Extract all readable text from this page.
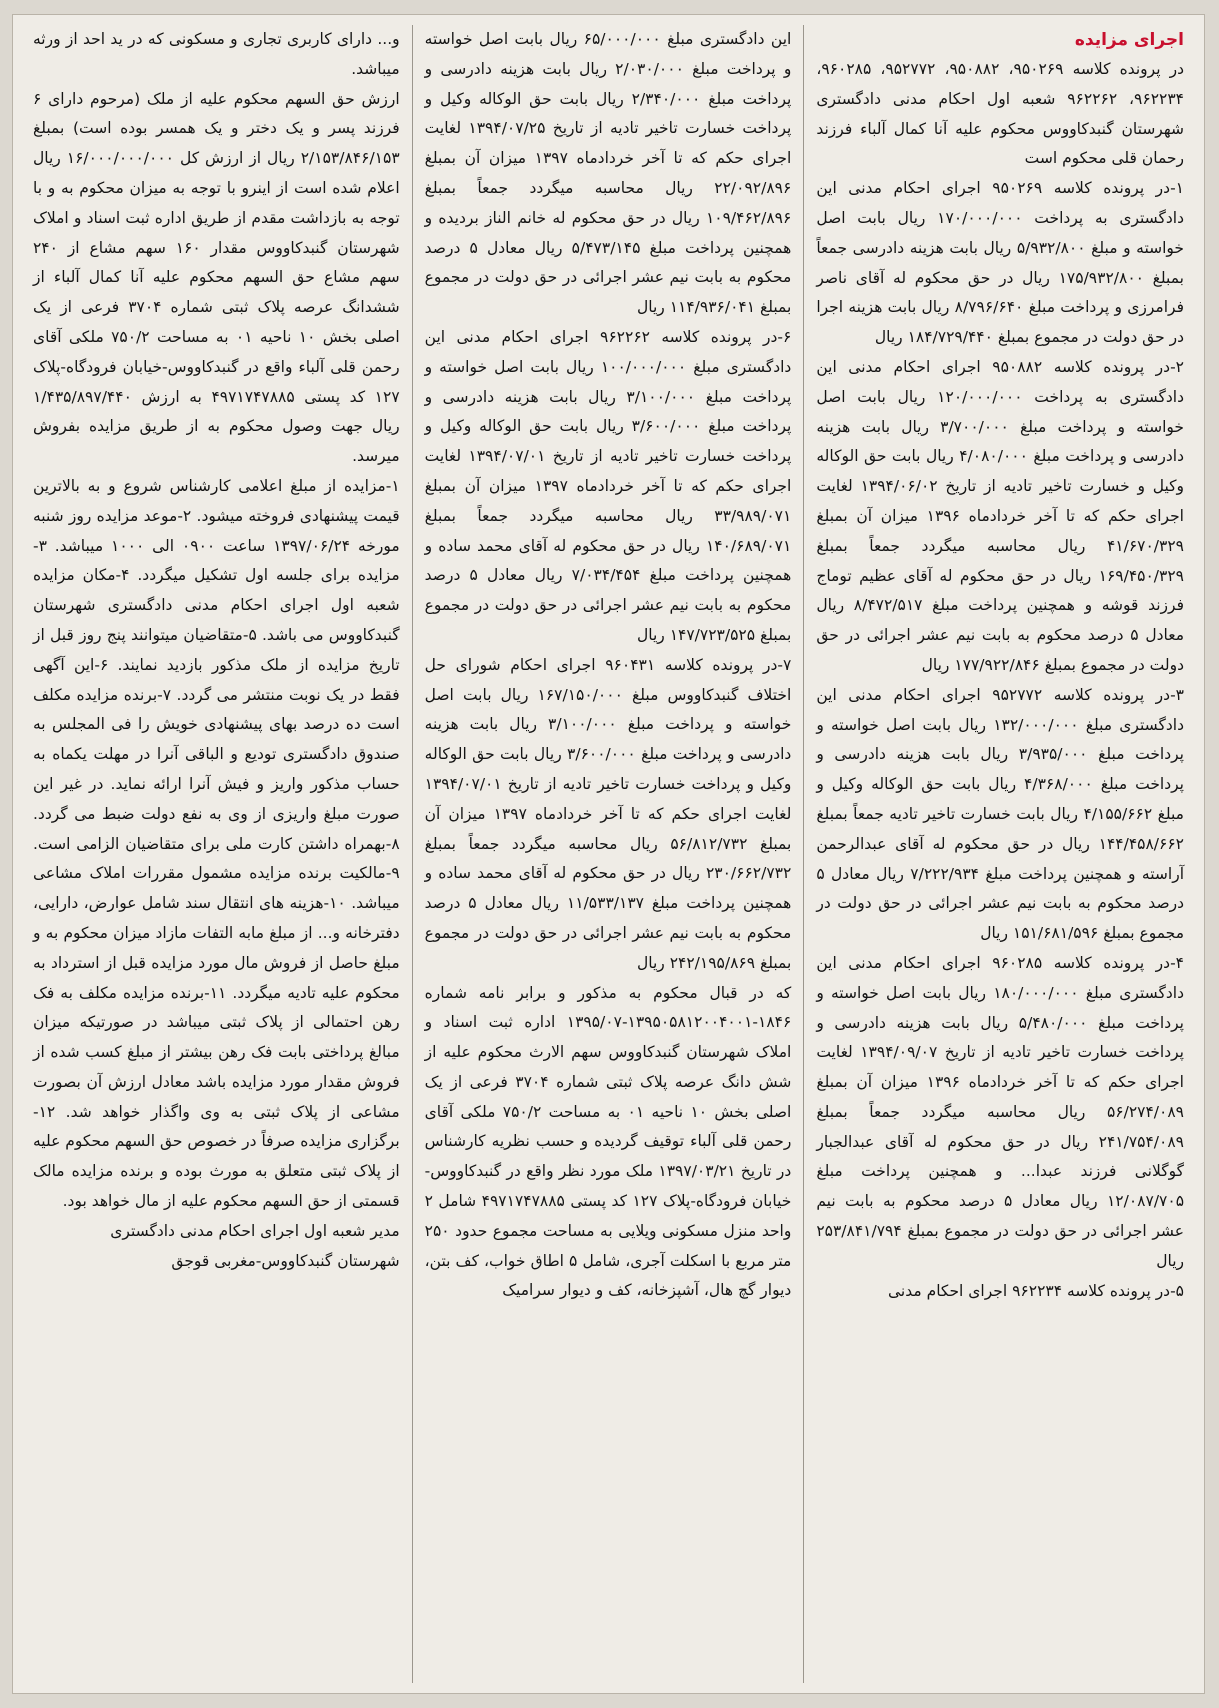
اجرای مزایده

در پرونده کلاسه ۹۵۰۲۶۹، ۹۵۰۸۸۲، ۹۵۲۷۷۲، ۹۶۰۲۸۵، ۹۶۲۲۳۴، ۹۶۲۲۶۲ شعبه اول احکام مدنی دادگستری شهرستان گنبدکاووس محکوم علیه آنا کمال آلباء فرزند رحمان قلی محکوم است

۱-در پرونده کلاسه ۹۵۰۲۶۹ اجرای احکام مدنی این دادگستری به پرداخت ۱۷۰/۰۰۰/۰۰۰ ریال بابت اصل خواسته و مبلغ ۵/۹۳۲/۸۰۰ ریال بابت هزینه دادرسی جمعاً بمبلغ ۱۷۵/۹۳۲/۸۰۰ ریال در حق محکوم له آقای ناصر فرامرزی و پرداخت مبلغ ۸/۷۹۶/۶۴۰ ریال بابت هزینه اجرا در حق دولت در مجموع بمبلغ ۱۸۴/۷۲۹/۴۴۰ ریال

۲-در پرونده کلاسه ۹۵۰۸۸۲ اجرای احکام مدنی این دادگستری به پرداخت ۱۲۰/۰۰۰/۰۰۰ ریال بابت اصل خواسته و پرداخت مبلغ ۳/۷۰۰/۰۰۰ ریال بابت هزینه دادرسی و پرداخت مبلغ ۴/۰۸۰/۰۰۰ ریال بابت حق الوکاله وکیل و خسارت تاخیر تادیه از تاریخ ۱۳۹۴/۰۶/۰۲ لغایت اجرای حکم که تا آخر خردادماه ۱۳۹۶ میزان آن بمبلغ ۴۱/۶۷۰/۳۲۹ ریال محاسبه میگردد جمعاً بمبلغ ۱۶۹/۴۵۰/۳۲۹ ریال در حق محکوم له آقای عظیم توماج فرزند قوشه و همچنین پرداخت مبلغ ۸/۴۷۲/۵۱۷ ریال معادل ۵ درصد محکوم به بابت نیم عشر اجرائی در حق دولت در مجموع بمبلغ ۱۷۷/۹۲۲/۸۴۶ ریال

۳-در پرونده کلاسه ۹۵۲۷۷۲ اجرای احکام مدنی این دادگستری مبلغ ۱۳۲/۰۰۰/۰۰۰ ریال بابت اصل خواسته و پرداخت مبلغ ۳/۹۳۵/۰۰۰ ریال بابت هزینه دادرسی و پرداخت مبلغ ۴/۳۶۸/۰۰۰ ریال بابت حق الوکاله وکیل و مبلغ ۴/۱۵۵/۶۶۲ ریال بابت خسارت تاخیر تادیه جمعاً بمبلغ ۱۴۴/۴۵۸/۶۶۲ ریال در حق محکوم له آقای عبدالرحمن آراسته و همچنین پرداخت مبلغ ۷/۲۲۲/۹۳۴ ریال معادل ۵ درصد محکوم به بابت نیم عشر اجرائی در حق دولت در مجموع بمبلغ ۱۵۱/۶۸۱/۵۹۶ ریال

۴-در پرونده کلاسه ۹۶۰۲۸۵ اجرای احکام مدنی این دادگستری مبلغ ۱۸۰/۰۰۰/۰۰۰ ریال بابت اصل خواسته و پرداخت مبلغ ۵/۴۸۰/۰۰۰ ریال بابت هزینه دادرسی و پرداخت خسارت تاخیر تادیه از تاریخ ۱۳۹۴/۰۹/۰۷ لغایت اجرای حکم که تا آخر خردادماه ۱۳۹۶ میزان آن بمبلغ ۵۶/۲۷۴/۰۸۹ ریال محاسبه میگردد جمعاً بمبلغ ۲۴۱/۷۵۴/۰۸۹ ریال در حق محکوم له آقای عبدالجبار گوگلانی فرزند عبدا... و همچنین پرداخت مبلغ ۱۲/۰۸۷/۷۰۵ ریال معادل ۵ درصد محکوم به بابت نیم عشر اجرائی در حق دولت در مجموع بمبلغ ۲۵۳/۸۴۱/۷۹۴ ریال

۵-در پرونده کلاسه ۹۶۲۲۳۴ اجرای احکام مدنی

این دادگستری مبلغ ۶۵/۰۰۰/۰۰۰ ریال بابت اصل خواسته و پرداخت مبلغ ۲/۰۳۰/۰۰۰ ریال بابت هزینه دادرسی و پرداخت مبلغ ۲/۳۴۰/۰۰۰ ریال بابت حق الوکاله وکیل و پرداخت خسارت تاخیر تادیه از تاریخ ۱۳۹۴/۰۷/۲۵ لغایت اجرای حکم که تا آخر خردادماه ۱۳۹۷ میزان آن بمبلغ ۲۲/۰۹۲/۸۹۶ ریال محاسبه میگردد جمعاً بمبلغ ۱۰۹/۴۶۲/۸۹۶ ریال در حق محکوم له خانم الناز بردیده و همچنین پرداخت مبلغ ۵/۴۷۳/۱۴۵ ریال معادل ۵ درصد محکوم به بابت نیم عشر اجرائی در حق دولت در مجموع بمبلغ ۱۱۴/۹۳۶/۰۴۱ ریال

۶-در پرونده کلاسه ۹۶۲۲۶۲ اجرای احکام مدنی این دادگستری مبلغ ۱۰۰/۰۰۰/۰۰۰ ریال بابت اصل خواسته و پرداخت مبلغ ۳/۱۰۰/۰۰۰ ریال بابت هزینه دادرسی و پرداخت مبلغ ۳/۶۰۰/۰۰۰ ریال بابت حق الوکاله وکیل و پرداخت خسارت تاخیر تادیه از تاریخ ۱۳۹۴/۰۷/۰۱ لغایت اجرای حکم که تا آخر خردادماه ۱۳۹۷ میزان آن بمبلغ ۳۳/۹۸۹/۰۷۱ ریال محاسبه میگردد جمعاً بمبلغ ۱۴۰/۶۸۹/۰۷۱ ریال در حق محکوم له آقای محمد ساده و همچنین پرداخت مبلغ ۷/۰۳۴/۴۵۴ ریال معادل ۵ درصد محکوم به بابت نیم عشر اجرائی در حق دولت در مجموع بمبلغ ۱۴۷/۷۲۳/۵۲۵ ریال

۷-در پرونده کلاسه ۹۶۰۴۳۱ اجرای احکام شورای حل اختلاف گنبدکاووس مبلغ ۱۶۷/۱۵۰/۰۰۰ ریال بابت اصل خواسته و پرداخت مبلغ ۳/۱۰۰/۰۰۰ ریال بابت هزینه دادرسی و پرداخت مبلغ ۳/۶۰۰/۰۰۰ ریال بابت حق الوکاله وکیل و پرداخت خسارت تاخیر تادیه از تاریخ ۱۳۹۴/۰۷/۰۱ لغایت اجرای حکم که تا آخر خردادماه ۱۳۹۷ میزان آن بمبلغ ۵۶/۸۱۲/۷۳۲ ریال محاسبه میگردد جمعاً بمبلغ ۲۳۰/۶۶۲/۷۳۲ ریال در حق محکوم له آقای محمد ساده و همچنین پرداخت مبلغ ۱۱/۵۳۳/۱۳۷ ریال معادل ۵ درصد محکوم به بابت نیم عشر اجرائی در حق دولت در مجموع بمبلغ ۲۴۲/۱۹۵/۸۶۹ ریال

که در قبال محکوم به مذکور و برابر نامه شماره ۱۸۴۶-۱۳۹۵۰۵۸۱۲۰۰۴۰۰۱-۱۳۹۵/۰۷ اداره ثبت اسناد و املاک شهرستان گنبدکاووس سهم الارث محکوم علیه از شش دانگ عرصه پلاک ثبتی شماره ۳۷۰۴ فرعی از یک اصلی بخش ۱۰ ناحیه ۰۱ به مساحت ۷۵۰/۲ ملکی آقای رحمن قلی آلباء توقیف گردیده و حسب نظریه کارشناس در تاریخ ۱۳۹۷/۰۳/۲۱ ملک مورد نظر واقع در گنبدکاووس-خیابان فرودگاه-پلاک ۱۲۷ کد پستی ۴۹۷۱۷۴۷۸۸۵ شامل ۲ واحد منزل مسکونی ویلایی به مساحت مجموع حدود ۲۵۰ متر مربع با اسکلت آجری، شامل ۵ اطاق خواب، کف بتن، دیوار گچ هال، آشپزخانه، کف و دیوار سرامیک

و... دارای کاربری تجاری و مسکونی که در ید احد از ورثه میباشد.

ارزش حق السهم محکوم علیه از ملک (مرحوم دارای ۶ فرزند پسر و یک دختر و یک همسر بوده است) بمبلغ ۲/۱۵۳/۸۴۶/۱۵۳ ریال از ارزش کل ۱۶/۰۰۰/۰۰۰/۰۰۰ ریال اعلام شده است از اینرو با توجه به میزان محکوم به و با توجه به بازداشت مقدم از طریق اداره ثبت اسناد و املاک شهرستان گنبدکاووس مقدار ۱۶۰ سهم مشاع از ۲۴۰ سهم مشاع حق السهم محکوم علیه آنا کمال آلباء از ششدانگ عرصه پلاک ثبتی شماره ۳۷۰۴ فرعی از یک اصلی بخش ۱۰ ناحیه ۰۱ به مساحت ۷۵۰/۲ ملکی آقای رحمن قلی آلباء واقع در گنبدکاووس-خیابان فرودگاه-پلاک ۱۲۷ کد پستی ۴۹۷۱۷۴۷۸۸۵ به ارزش ۱/۴۳۵/۸۹۷/۴۴۰ ریال جهت وصول محکوم به از طریق مزایده بفروش میرسد.

۱-مزایده از مبلغ اعلامی کارشناس شروع و به بالاترین قیمت پیشنهادی فروخته میشود. ۲-موعد مزایده روز شنبه مورخه ۱۳۹۷/۰۶/۲۴ ساعت ۰۹۰۰ الی ۱۰۰۰ میباشد. ۳-مزایده برای جلسه اول تشکیل میگردد. ۴-مکان مزایده شعبه اول اجرای احکام مدنی دادگستری شهرستان گنبدکاووس می باشد. ۵-متقاضیان میتوانند پنج روز قبل از تاریخ مزایده از ملک مذکور بازدید نمایند. ۶-این آگهی فقط در یک نوبت منتشر می گردد. ۷-برنده مزایده مکلف است ده درصد بهای پیشنهادی خویش را فی المجلس به صندوق دادگستری تودیع و الباقی آنرا در مهلت یکماه به حساب مذکور واریز و فیش آنرا ارائه نماید. در غیر این صورت مبلغ واریزی از وی به نفع دولت ضبط می گردد. ۸-بهمراه داشتن کارت ملی برای متقاضیان الزامی است. ۹-مالکیت برنده مزایده مشمول مقررات املاک مشاعی میباشد. ۱۰-هزینه های انتقال سند شامل عوارض، دارایی، دفترخانه و... از مبلغ مابه التفات مازاد میزان محکوم به و مبلغ حاصل از فروش مال مورد مزایده قبل از استرداد به محکوم علیه تادیه میگردد. ۱۱-برنده مزایده مکلف به فک رهن احتمالی از پلاک ثبتی میباشد در صورتیکه میزان مبالغ پرداختی بابت فک رهن بیشتر از مبلغ کسب شده از فروش مقدار مورد مزایده باشد معادل ارزش آن بصورت مشاعی از پلاک ثبتی به وی واگذار خواهد شد. ۱۲-برگزاری مزایده صرفاً در خصوص حق السهم محکوم علیه از پلاک ثبتی متعلق به مورث بوده و برنده مزایده مالک قسمتی از حق السهم محکوم علیه از مال خواهد بود.

مدیر شعبه اول اجرای احکام مدنی دادگستری

شهرستان گنبدکاووس-مغربی قوجق
